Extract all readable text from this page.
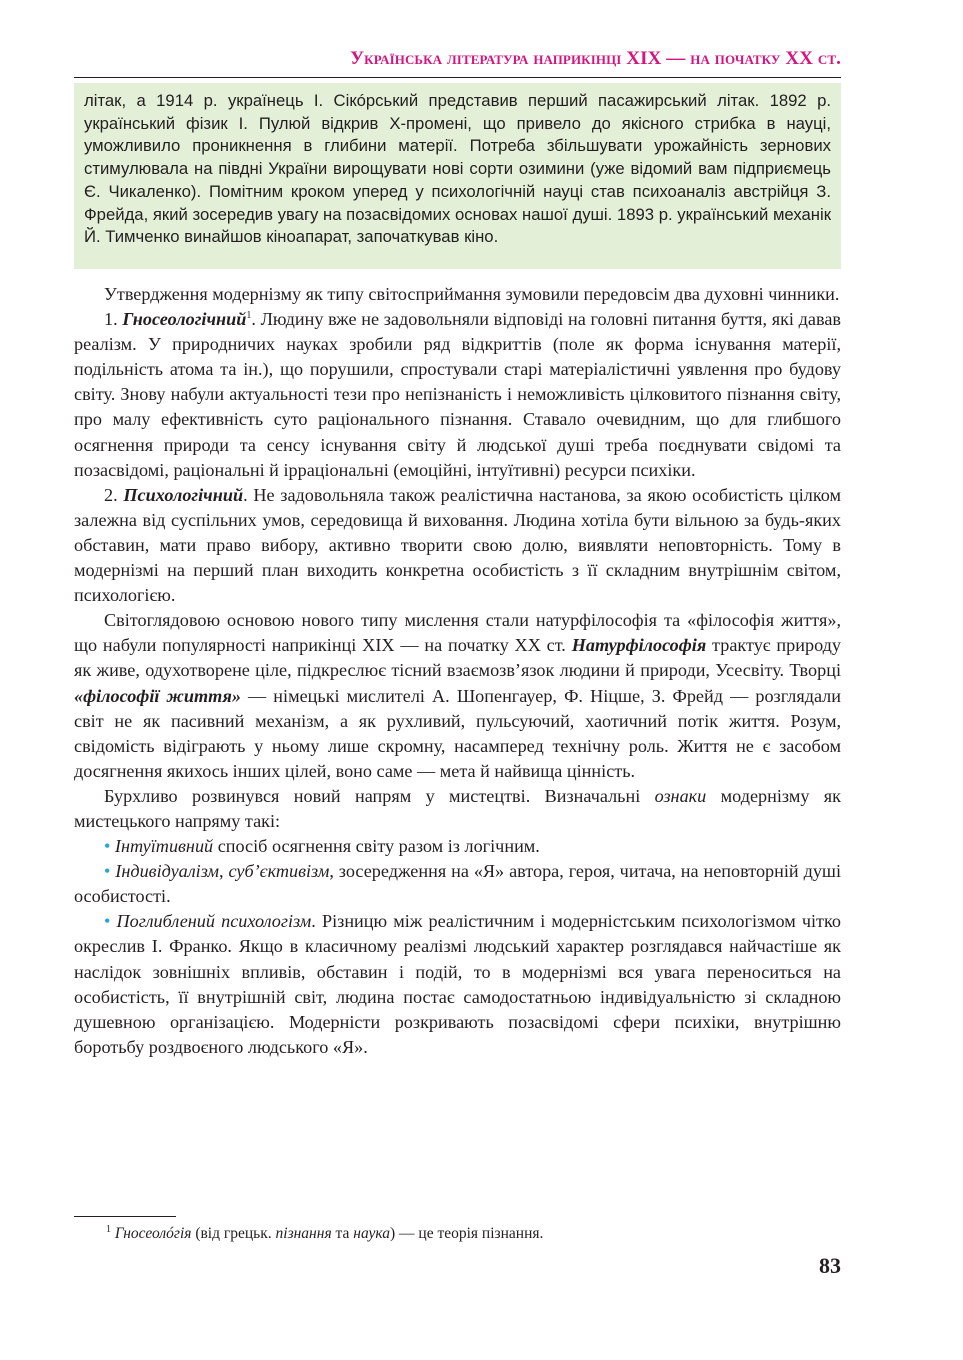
Українська література наприкінці XIX — на початку XX ст.

літак, а 1914 р. українець І. Сікóрський представив перший пасажирський літак. 1892 р. український фізик І. Пулюй відкрив Х-промені, що привело до якісного стрибка в науці, уможливило проникнення в глибини матерії. Потреба збільшувати урожайність зернових стимулювала на півдні України вирощувати нові сорти озимини (уже відомий вам підприємець Є. Чикаленко). Помітним кроком уперед у психологічній науці став психоаналіз австрійця З. Фрейда, який зосередив увагу на позасвідомих основах нашої душі. 1893 р. український механік Й. Тимченко винайшов кіноапарат, започаткував кіно.

Утвердження модернізму як типу світосприймання зумовили передовсім два духовні чинники.

1. Гносеологічний$^1$. Людину вже не задовольняли відповіді на головні питання буття, які давав реалізм. У природничих науках зробили ряд відкриттів (поле як форма існування матерії, подільність атома та ін.), що порушили, спростували старі матеріалістичні уявлення про будову світу. Знову набули актуальності тези про непізнаність і неможливість цілковитого пізнання світу, про малу ефективність суто раціонального пізнання. Ставало очевидним, що для глибшого осягнення природи та сенсу існування світу й людської душі треба поєднувати свідомі та позасвідомі, раціональні й ірраціональні (емоційні, інтуїтивні) ресурси психіки.

2. Психологічний. Не задовольняла також реалістична настанова, за якою особистість цілком залежна від суспільних умов, середовища й виховання. Людина хотіла бути вільною за будь-яких обставин, мати право вибору, активно творити свою долю, виявляти неповторність. Тому в модернізмі на перший план виходить конкретна особистість з її складним внутрішнім світом, психологією.

Світоглядовою основою нового типу мислення стали натурфілософія та «філософія життя», що набули популярності наприкінці XIX — на початку XX ст. Натурфілософія трактує природу як живе, одухотворене ціле, підкреслює тісний взаємозв’язок людини й природи, Усесвіту. Творці «філософії життя» — німецькі мислителі А. Шопенгауер, Ф. Ніцше, З. Фрейд — розглядали світ не як пасивний механізм, а як рухливий, пульсуючий, хаотичний потік життя. Розум, свідомість відіграють у ньому лише скромну, насамперед технічну роль. Життя не є засобом досягнення якихось інших цілей, воно саме — мета й найвища цінність.

Бурхливо розвинувся новий напрям у мистецтві. Визначальні ознаки модернізму як мистецького напряму такі:

• Інтуїтивний спосіб осягнення світу разом із логічним.

• Індивідуалізм, суб’єктивізм, зосередження на «Я» автора, героя, читача, на неповторній душі особистості.

• Поглиблений психологізм. Різницю між реалістичним і модерністським психологізмом чітко окреслив І. Франко. Якщо в класичному реалізмі людський характер розглядався найчастіше як наслідок зовнішніх впливів, обставин і подій, то в модернізмі вся увага переноситься на особистість, її внутрішній світ, людина постає самодостатньою індивідуальністю зі складною душевною організацією. Модерністи розкривають позасвідомі сфери психіки, внутрішню боротьбу роздвоєного людського «Я».

$^1$ Гносеолóгія (від грецьк. пізнання та наука) — це теорія пізнання.
83
